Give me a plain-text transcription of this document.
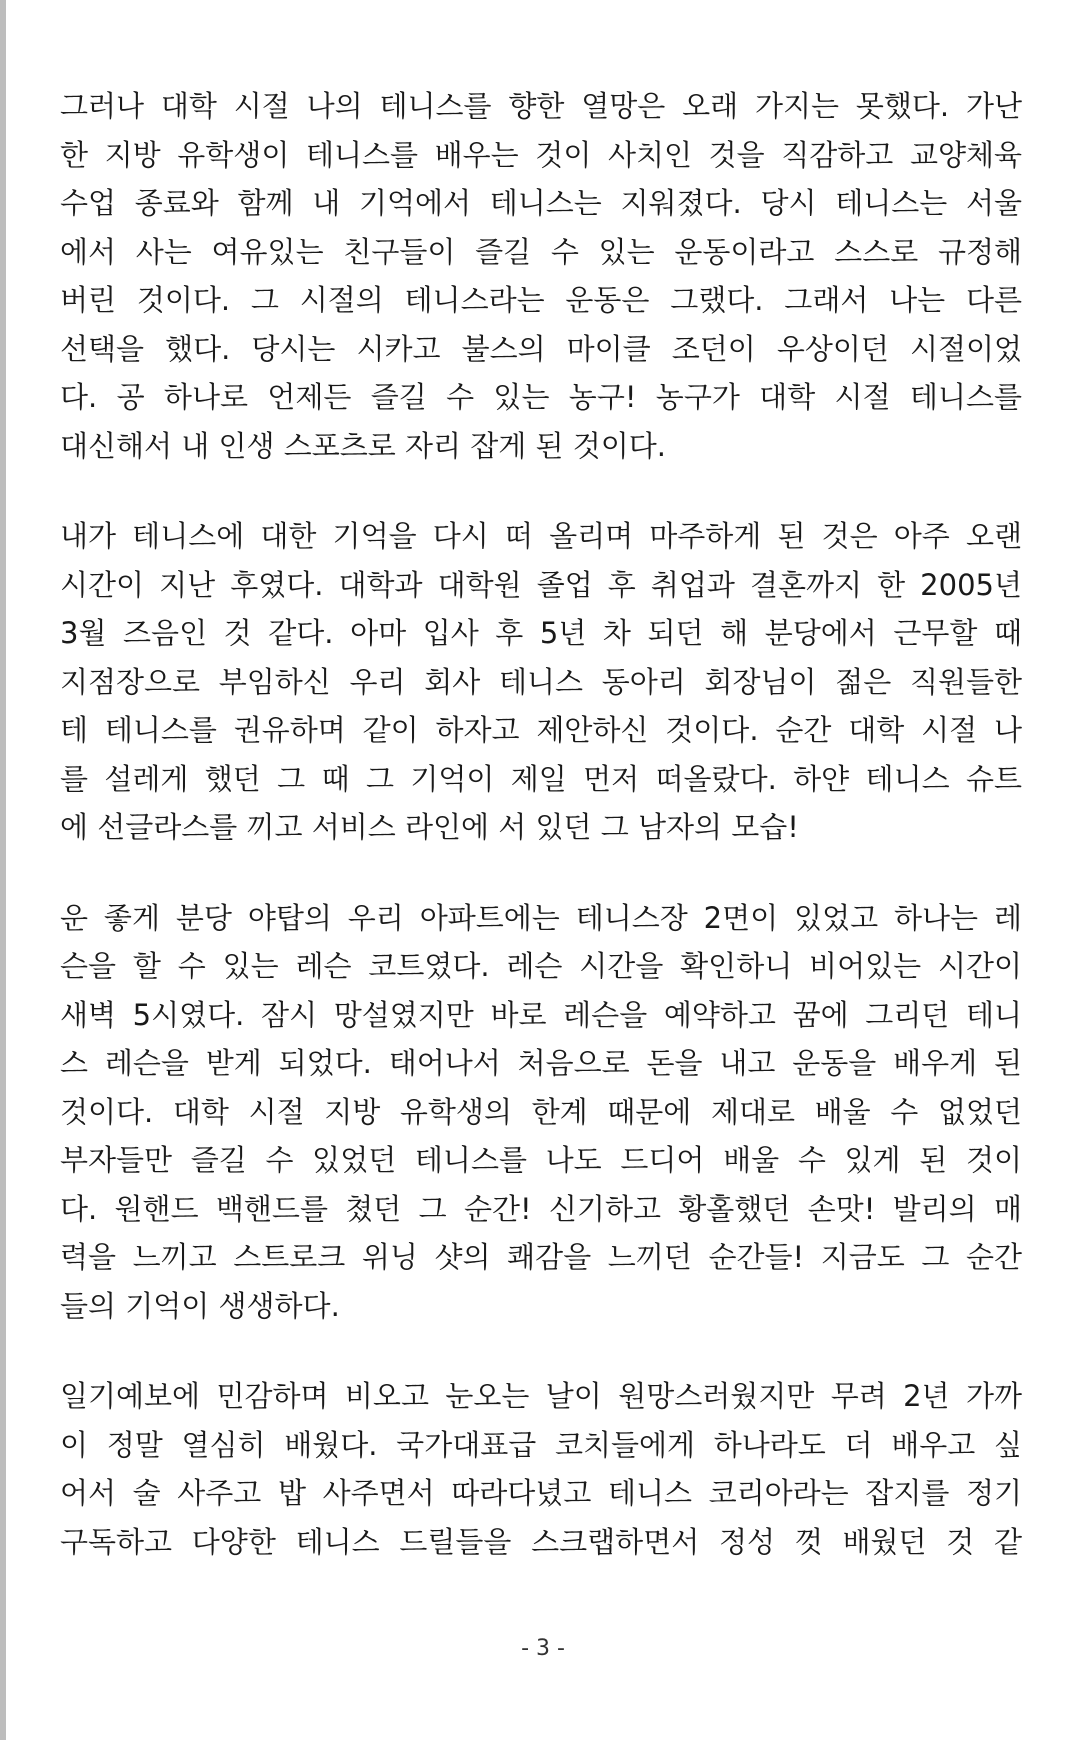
그러나 대학 시절 나의 테니스를 향한 열망은 오래 가지는 못했다. 가난
한 지방 유학생이 테니스를 배우는 것이 사치인 것을 직감하고 교양체육
수업 종료와 함께 내 기억에서 테니스는 지워졌다. 당시 테니스는 서울
에서 사는 여유있는 친구들이 즐길 수 있는 운동이라고 스스로 규정해
버린 것이다. 그 시절의 테니스라는 운동은 그랬다. 그래서 나는 다른
선택을 했다. 당시는 시카고 불스의 마이클 조던이 우상이던 시절이었
다. 공 하나로 언제든 즐길 수 있는 농구! 농구가 대학 시절 테니스를
대신해서 내 인생 스포츠로 자리 잡게 된 것이다.

내가 테니스에 대한 기억을 다시 떠 올리며 마주하게 된 것은 아주 오랜
시간이 지난 후였다. 대학과 대학원 졸업 후 취업과 결혼까지 한 2005년
3월 즈음인 것 같다. 아마 입사 후 5년 차 되던 해 분당에서 근무할 때
지점장으로 부임하신 우리 회사 테니스 동아리 회장님이 젊은 직원들한
테 테니스를 권유하며 같이 하자고 제안하신 것이다. 순간 대학 시절 나
를 설레게 했던 그 때 그 기억이 제일 먼저 떠올랐다. 하얀 테니스 슈트
에 선글라스를 끼고 서비스 라인에 서 있던 그 남자의 모습!

운 좋게 분당 야탑의 우리 아파트에는 테니스장 2면이 있었고 하나는 레
슨을 할 수 있는 레슨 코트였다. 레슨 시간을 확인하니 비어있는 시간이
새벽 5시였다. 잠시 망설였지만 바로 레슨을 예약하고 꿈에 그리던 테니
스 레슨을 받게 되었다. 태어나서 처음으로 돈을 내고 운동을 배우게 된
것이다. 대학 시절 지방 유학생의 한계 때문에 제대로 배울 수 없었던
부자들만 즐길 수 있었던 테니스를 나도 드디어 배울 수 있게 된 것이
다. 원핸드 백핸드를 쳤던 그 순간! 신기하고 황홀했던 손맛! 발리의 매
력을 느끼고 스트로크 위닝 샷의 쾌감을 느끼던 순간들! 지금도 그 순간
들의 기억이 생생하다.

일기예보에 민감하며 비오고 눈오는 날이 원망스러웠지만 무려 2년 가까
이 정말 열심히 배웠다. 국가대표급 코치들에게 하나라도 더 배우고 싶
어서 술 사주고 밥 사주면서 따라다녔고 테니스 코리아라는 잡지를 정기
구독하고 다양한 테니스 드릴들을 스크랩하면서 정성 껏 배웠던 것 같

- 3 -
